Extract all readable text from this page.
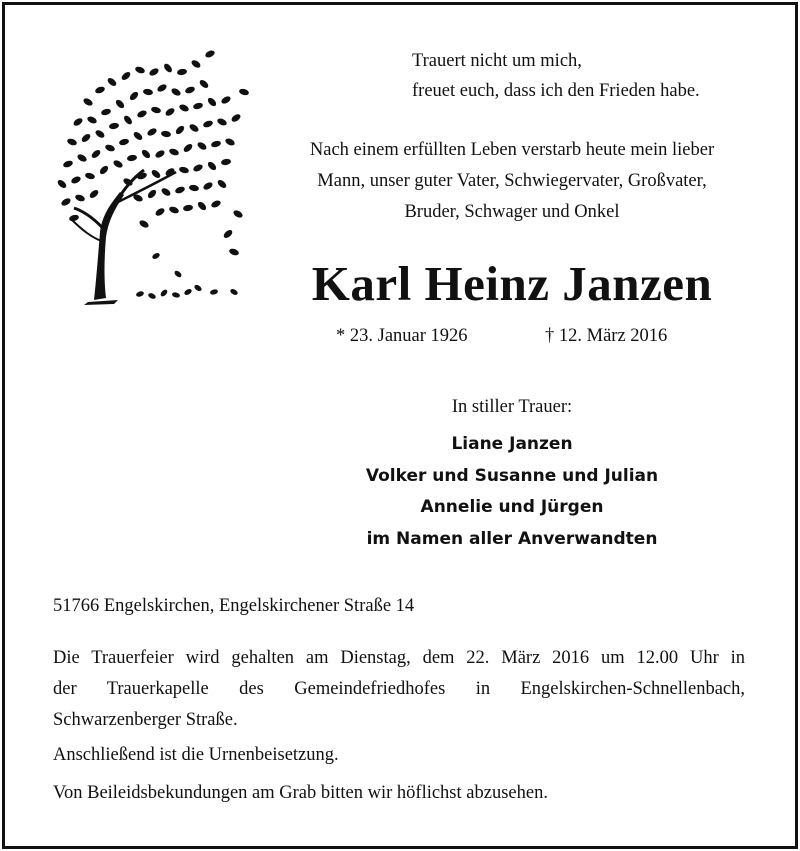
Trauert nicht um mich,
freuet euch, dass ich den Frieden habe.
Nach einem erfüllten Leben verstarb heute mein lieber
Mann, unser guter Vater, Schwiegervater, Großvater,
Bruder, Schwager und Onkel
Karl Heinz Janzen
* 23. Januar 1926	† 12. März 2016
In stiller Trauer:
Liane Janzen
Volker und Susanne und Julian
Annelie und Jürgen
im Namen aller Anverwandten
51766 Engelskirchen, Engelskirchener Straße 14
Die Trauerfeier wird gehalten am Dienstag, dem 22. März 2016 um 12.00 Uhr in
der Trauerkapelle des Gemeindefriedhofes in Engelskirchen-Schnellenbach,
Schwarzenberger Straße.
Anschließend ist die Urnenbeisetzung.
Von Beileidsbekundungen am Grab bitten wir höflichst abzusehen.
